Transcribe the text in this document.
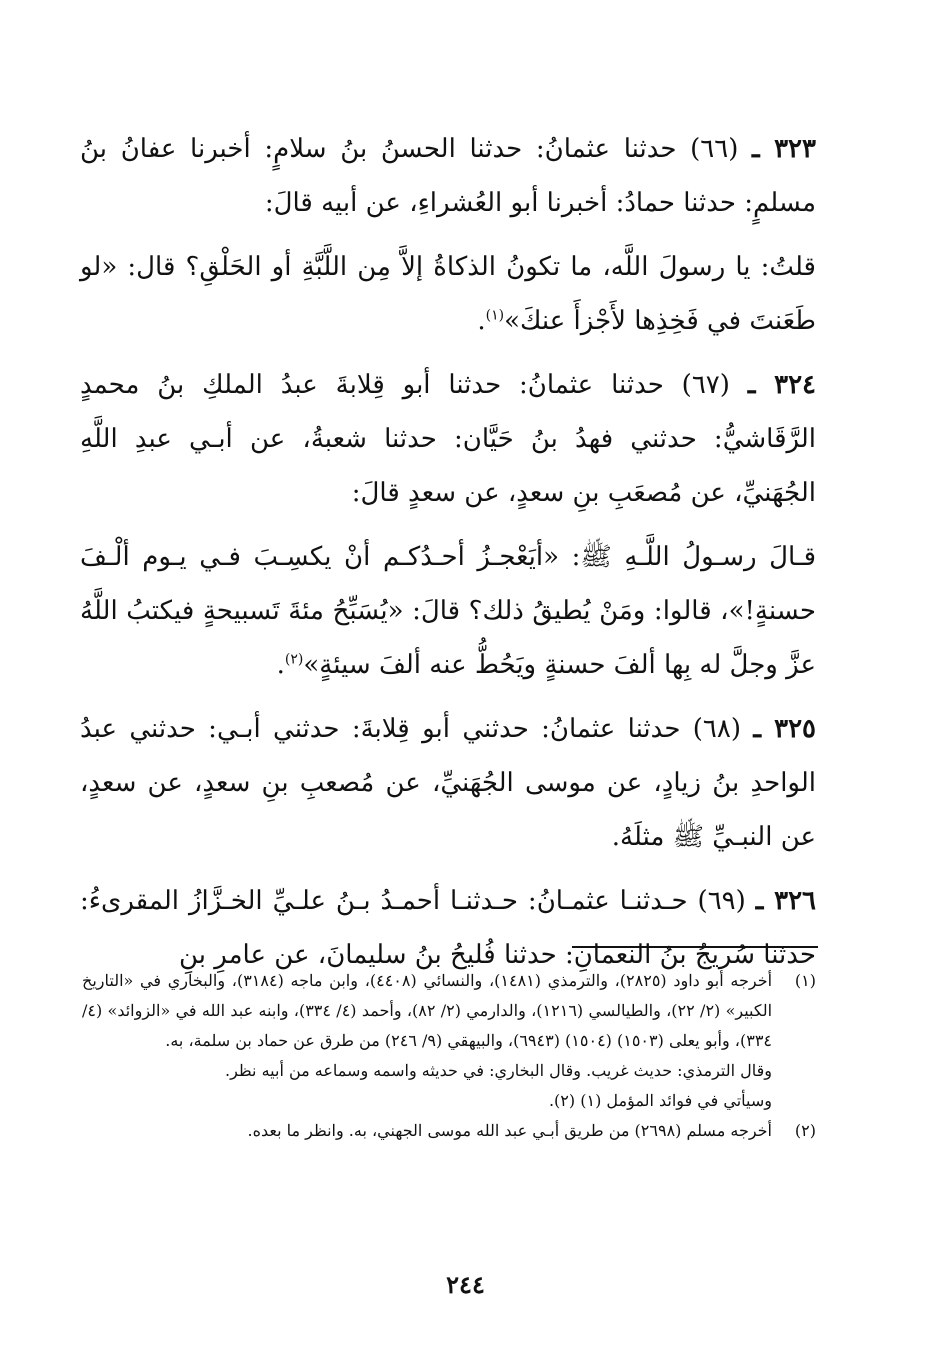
٣٢٣ ـ (٦٦) حدثنا عثمانُ: حدثنا الحسنُ بنُ سلامٍ: أخبرنا عفانُ بنُ مسلمٍ: حدثنا حمادُ: أخبرنا أبو العُشراءِ، عن أبيه قالَ:

قلتُ: يا رسولَ اللَّه، ما تكونُ الذكاةُ إلاَّ مِن اللَّبَّةِ أو الحَلْقِ؟ قال: «لو طَعَنتَ في فَخِذِها لأَجْزأَ عنكَ»$^{(١)}$.

٣٢٤ ـ (٦٧) حدثنا عثمانُ: حدثنا أبو قِلابةَ عبدُ الملكِ بنُ محمدٍ الرَّقَاشيُّ: حدثني فهدُ بنُ حَيَّان: حدثنا شعبةُ، عن أبـي عبدِ اللَّهِ الجُهَنيِّ، عن مُصعَبِ بنِ سعدٍ، عن سعدٍ قالَ:

قـالَ رسـولُ اللَّـهِ ﷺ: «أيَعْجـزُ أحـدُكـم أنْ يكسِـبَ فـي يـوم ألْـفَ حسنةٍ!»، قالوا: ومَنْ يُطيقُ ذلك؟ قالَ: «يُسَبِّحُ مئةَ تَسبيحةٍ فيكتبُ اللَّهُ عزَّ وجلَّ له بِها ألفَ حسنةٍ ويَحُطُّ عنه ألفَ سيئةٍ»$^{(٢)}$.

٣٢٥ ـ (٦٨) حدثنا عثمانُ: حدثني أبو قِلابةَ: حدثني أبـي: حدثني عبدُ الواحدِ بنُ زيادٍ، عن موسى الجُهَنيِّ، عن مُصعبِ بنِ سعدٍ، عن سعدٍ، عن النبـيِّ ﷺ مثلَهُ.

٣٢٦ ـ (٦٩) حـدثنـا عثمـانُ: حـدثنـا أحمـدُ بـنُ علـيِّ الخـزَّازُ المقرىءُ: حدثنا سُريجُ بنُ النعمانِ: حدثنا فُليحُ بنُ سليمانَ، عن عامرِ بنِ

(١)
أخرجه أبو داود (٢٨٢٥)، والترمذي (١٤٨١)، والنسائي (٤٤٠٨)، وابن ماجه (٣١٨٤)، والبخاري في «التاريخ الكبير» (٢/ ٢٢)، والطيالسي (١٢١٦)، والدارمي (٢/ ٨٢)، وأحمد (٤/ ٣٣٤)، وابنه عبد الله في «الزوائد» (٤/ ٣٣٤)، وأبو يعلى (١٥٠٣) (١٥٠٤) (٦٩٤٣)، والبيهقي (٩/ ٢٤٦) من طرق عن حماد بن سلمة، به.
وقال الترمذي: حديث غريب. وقال البخاري: في حديثه واسمه وسماعه من أبيه نظر.
وسيأتي في فوائد المؤمل (١) (٢).
(٢)
أخرجه مسلم (٢٦٩٨) من طريق أبـي عبد الله موسى الجهني، به. وانظر ما بعده.
٢٤٤
